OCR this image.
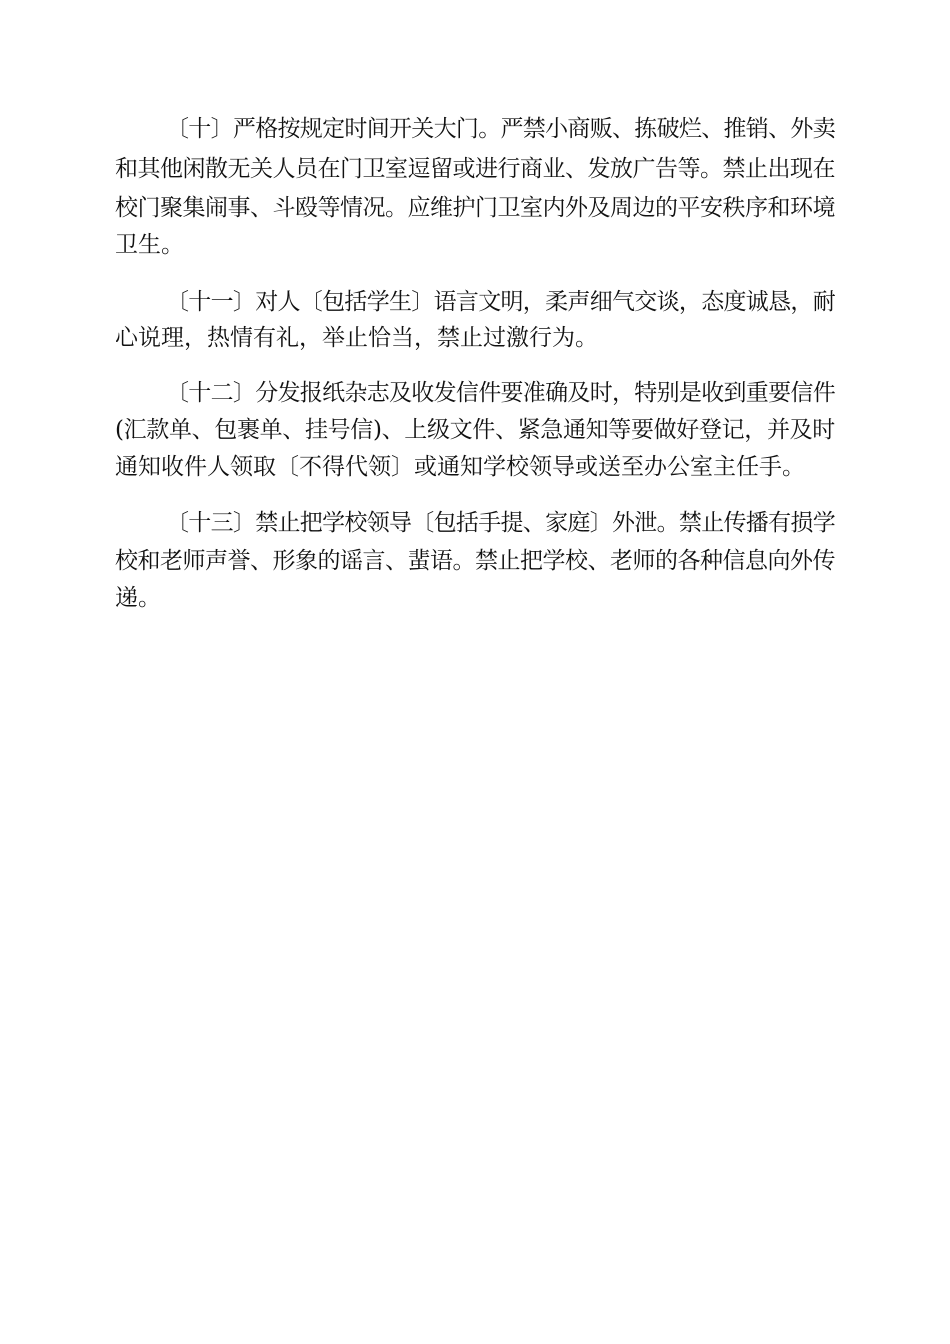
〔十〕严格按规定时间开关大门。严禁小商贩、拣破烂、推销、外卖

和其他闲散无关人员在门卫室逗留或进行商业、发放广告等。禁止出现在

校门聚集闹事、斗殴等情况。应维护门卫室内外及周边的平安秩序和环境

卫生。

〔十一〕对人〔包括学生〕语言文明，柔声细气交谈，态度诚恳，耐

心说理，热情有礼，举止恰当，禁止过激行为。

〔十二〕分发报纸杂志及收发信件要准确及时，特别是收到重要信件

(汇款单、包裹单、挂号信)、上级文件、紧急通知等要做好登记，并及时

通知收件人领取〔不得代领〕或通知学校领导或送至办公室主任手。

〔十三〕禁止把学校领导〔包括手提、家庭〕外泄。禁止传播有损学

校和老师声誉、形象的谣言、蜚语。禁止把学校、老师的各种信息向外传

递。
